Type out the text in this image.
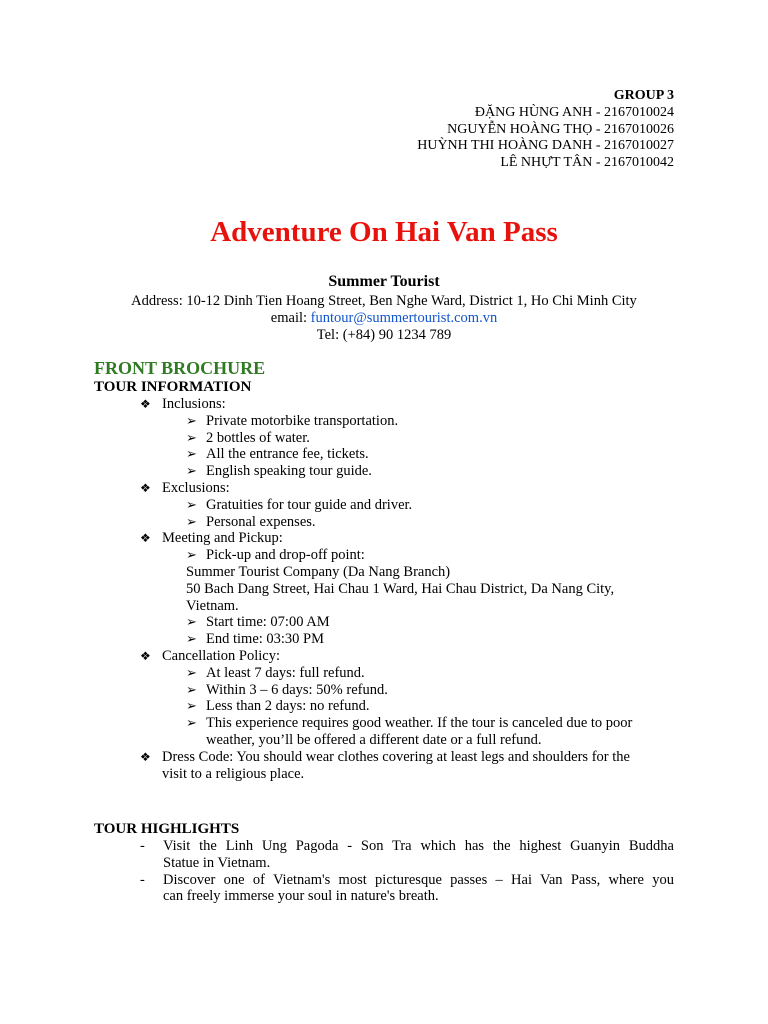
GROUP 3
ĐẶNG HÙNG ANH - 2167010024
NGUYỄN HOÀNG THỌ - 2167010026
HUỲNH THI HOÀNG DANH - 2167010027
LÊ NHỰT TÂN - 2167010042
Adventure On Hai Van Pass
Summer Tourist
Address: 10-12 Dinh Tien Hoang Street, Ben Nghe Ward, District 1, Ho Chi Minh City
email: funtour@summertourist.com.vn
Tel: (+84) 90 1234 789
FRONT BROCHURE
TOUR INFORMATION
❖ Inclusions:
➢ Private motorbike transportation.
➢ 2 bottles of water.
➢ All the entrance fee, tickets.
➢ English speaking tour guide.
❖ Exclusions:
➢ Gratuities for tour guide and driver.
➢ Personal expenses.
❖ Meeting and Pickup:
➢ Pick-up and drop-off point:
Summer Tourist Company (Da Nang Branch)
50 Bach Dang Street, Hai Chau 1 Ward, Hai Chau District, Da Nang City,
Vietnam.
➢ Start time: 07:00 AM
➢ End time: 03:30 PM
❖ Cancellation Policy:
➢ At least 7 days: full refund.
➢ Within 3 – 6 days: 50% refund.
➢ Less than 2 days: no refund.
➢ This experience requires good weather. If the tour is canceled due to poor
weather, you’ll be offered a different date or a full refund.
❖ Dress Code: You should wear clothes covering at least legs and shoulders for the
visit to a religious place.
TOUR HIGHLIGHTS
- Visit the Linh Ung Pagoda - Son Tra which has the highest Guanyin Buddha
Statue in Vietnam.
- Discover one of Vietnam's most picturesque passes – Hai Van Pass, where you
can freely immerse your soul in nature's breath.
